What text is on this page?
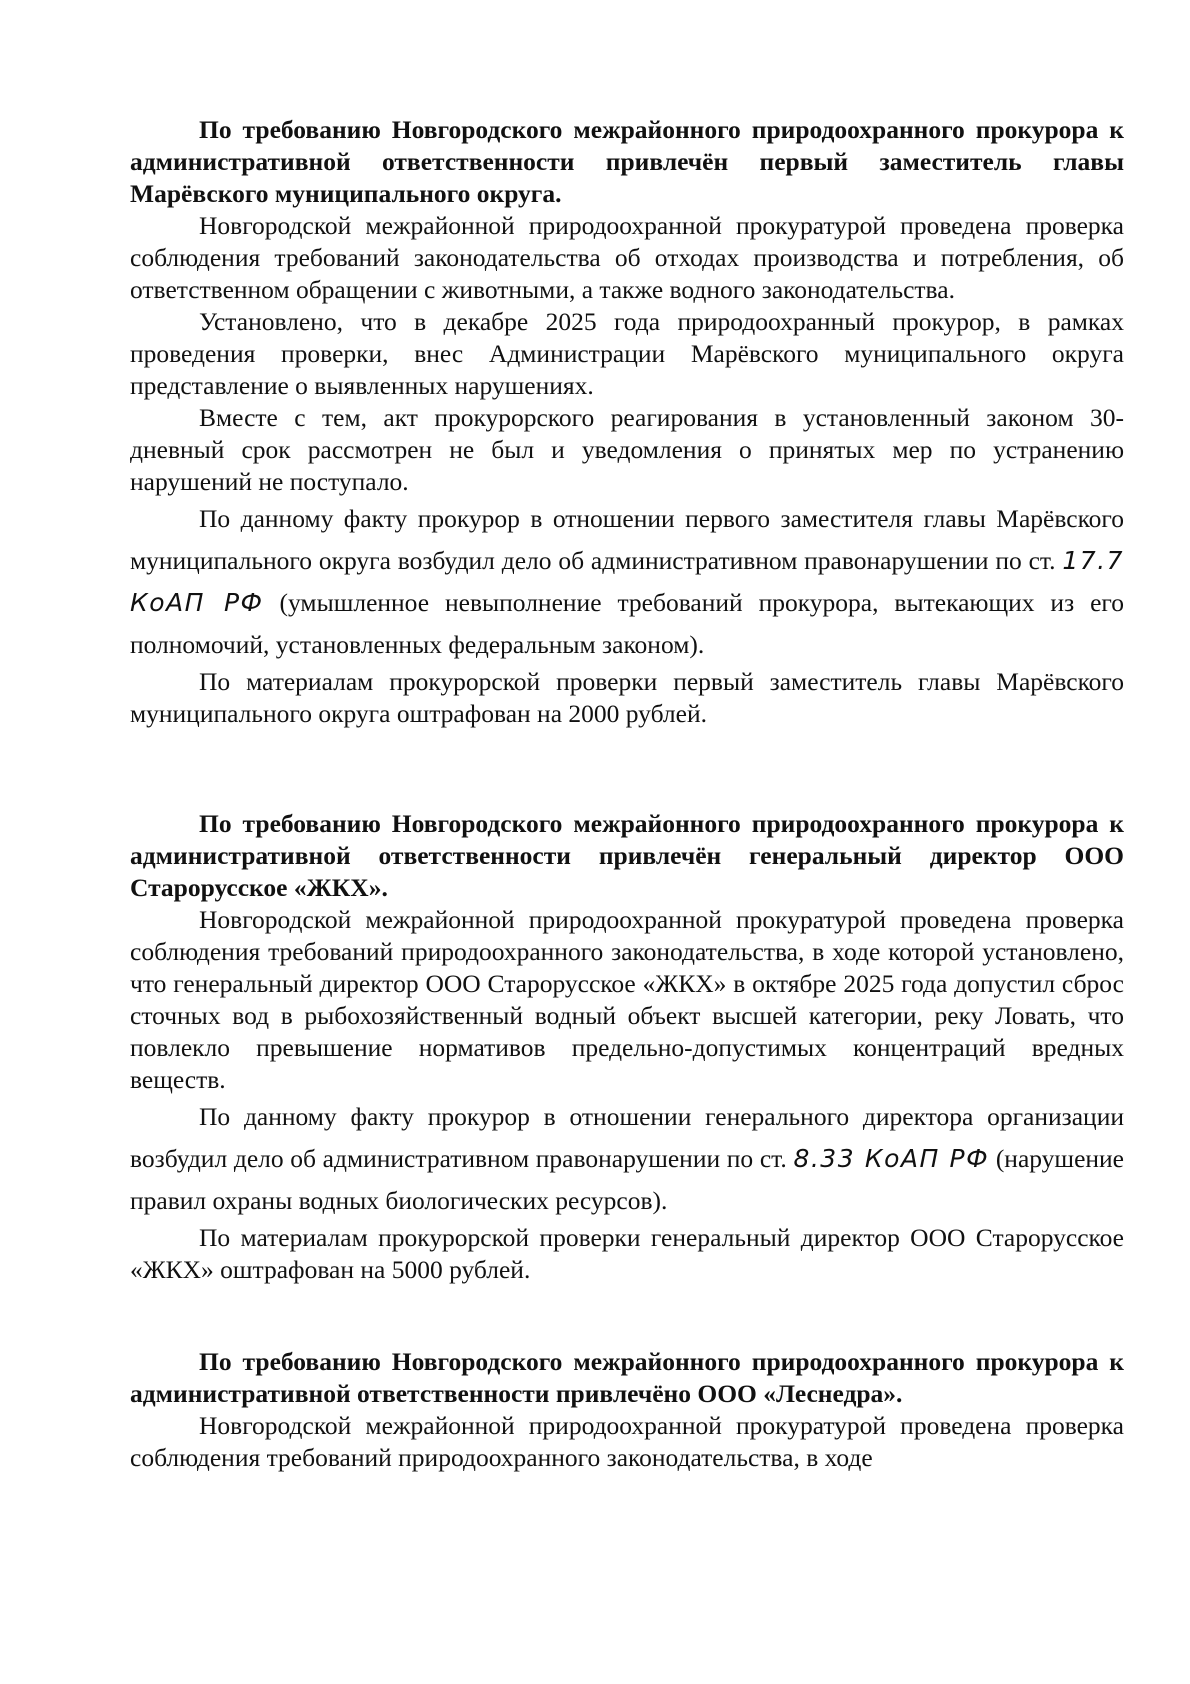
По требованию Новгородского межрайонного природоохранного прокурора к административной ответственности привлечён первый заместитель главы Марёвского муниципального округа.

Новгородской межрайонной природоохранной прокуратурой проведена проверка соблюдения требований законодательства об отходах производства и потребления, об ответственном обращении с животными, а также водного законодательства.

Установлено, что в декабре 2025 года природоохранный прокурор, в рамках проведения проверки, внес Администрации Марёвского муниципального округа представление о выявленных нарушениях.

Вместе с тем, акт прокурорского реагирования в установленный законом 30-дневный срок рассмотрен не был и уведомления о принятых мер по устранению нарушений не поступало.

По данному факту прокурор в отношении первого заместителя главы Марёвского муниципального округа возбудил дело об административном правонарушении по ст. 17.7 КоАП РФ (умышленное невыполнение требований прокурора, вытекающих из его полномочий, установленных федеральным законом).

По материалам прокурорской проверки первый заместитель главы Марёвского муниципального округа оштрафован на 2000 рублей.

По требованию Новгородского межрайонного природоохранного прокурора к административной ответственности привлечён генеральный директор ООО Старорусское «ЖКХ».

Новгородской межрайонной природоохранной прокуратурой проведена проверка соблюдения требований природоохранного законодательства, в ходе которой установлено, что генеральный директор ООО Старорусское «ЖКХ» в октябре 2025 года допустил сброс сточных вод в рыбохозяйственный водный объект высшей категории, реку Ловать, что повлекло превышение нормативов предельно-допустимых концентраций вредных веществ.

По данному факту прокурор в отношении генерального директора организации возбудил дело об административном правонарушении по ст. 8.33 КоАП РФ (нарушение правил охраны водных биологических ресурсов).

По материалам прокурорской проверки генеральный директор ООО Старорусское «ЖКХ» оштрафован на 5000 рублей.

По требованию Новгородского межрайонного природоохранного прокурора к административной ответственности привлечёно ООО «Леснедра».

Новгородской межрайонной природоохранной прокуратурой проведена проверка соблюдения требований природоохранного законодательства, в ходе
